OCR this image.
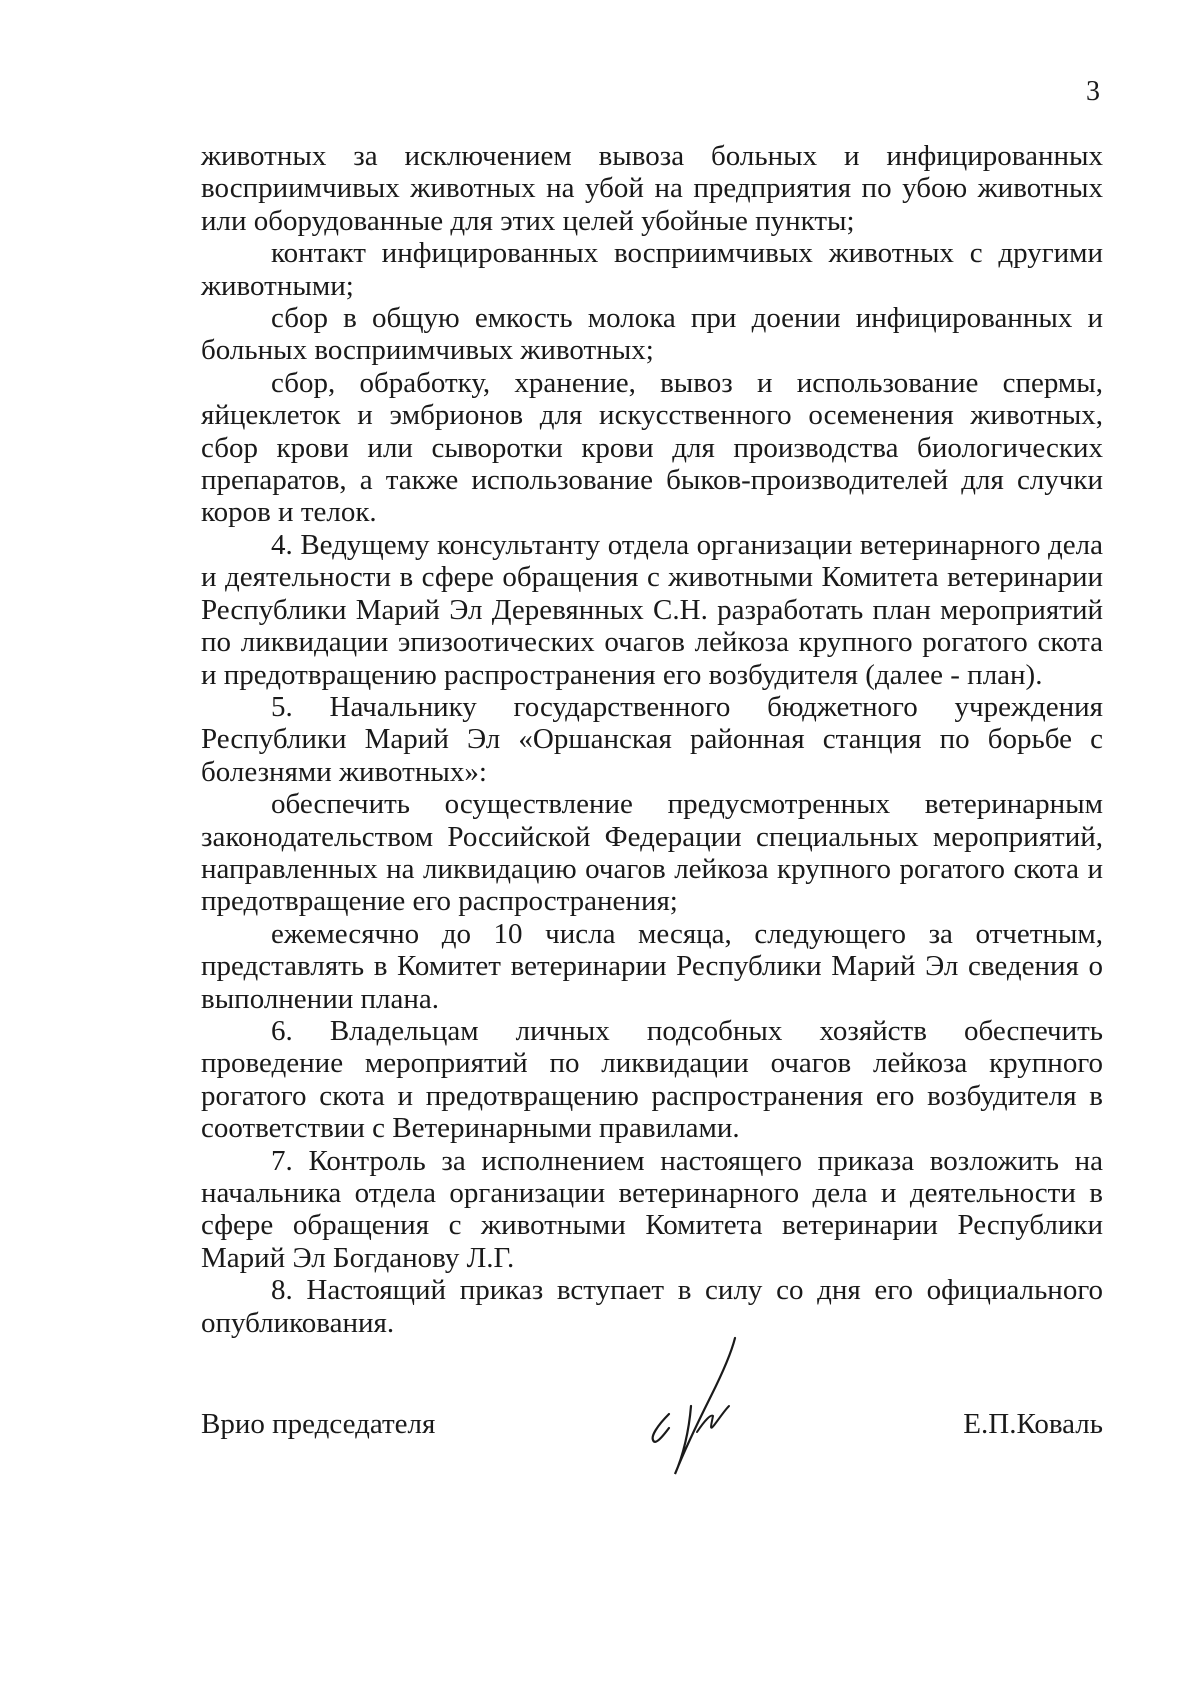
3

животных за исключением вывоза больных и инфицированных восприимчивых животных на убой на предприятия по убою животных или оборудованные для этих целей убойные пункты;

контакт инфицированных восприимчивых животных с другими животными;

сбор в общую емкость молока при доении инфицированных и больных восприимчивых животных;

сбор, обработку, хранение, вывоз и использование спермы, яйцеклеток и эмбрионов для искусственного осеменения животных, сбор крови или сыворотки крови для производства биологических препаратов, а также использование быков-производителей для случки коров и телок.

4. Ведущему консультанту отдела организации ветеринарного дела и деятельности в сфере обращения с животными Комитета ветеринарии Республики Марий Эл Деревянных С.Н. разработать план мероприятий по ликвидации эпизоотических очагов лейкоза крупного рогатого скота и предотвращению распространения его возбудителя (далее - план).

5. Начальнику государственного бюджетного учреждения Республики Марий Эл «Оршанская районная станция по борьбе с болезнями животных»:

обеспечить осуществление предусмотренных ветеринарным законодательством Российской Федерации специальных мероприятий, направленных на ликвидацию очагов лейкоза крупного рогатого скота и предотвращение его распространения;

ежемесячно до 10 числа месяца, следующего за отчетным, представлять в Комитет ветеринарии Республики Марий Эл сведения о выполнении плана.

6. Владельцам личных подсобных хозяйств обеспечить проведение мероприятий по ликвидации очагов лейкоза крупного рогатого скота и предотвращению распространения его возбудителя в соответствии с Ветеринарными правилами.

7. Контроль за исполнением настоящего приказа возложить на начальника отдела организации ветеринарного дела и деятельности в сфере обращения с животными Комитета ветеринарии Республики Марий Эл Богданову Л.Г.

8. Настоящий приказ вступает в силу со дня его официального опубликования.

Врио председателя	Е.П.Коваль
